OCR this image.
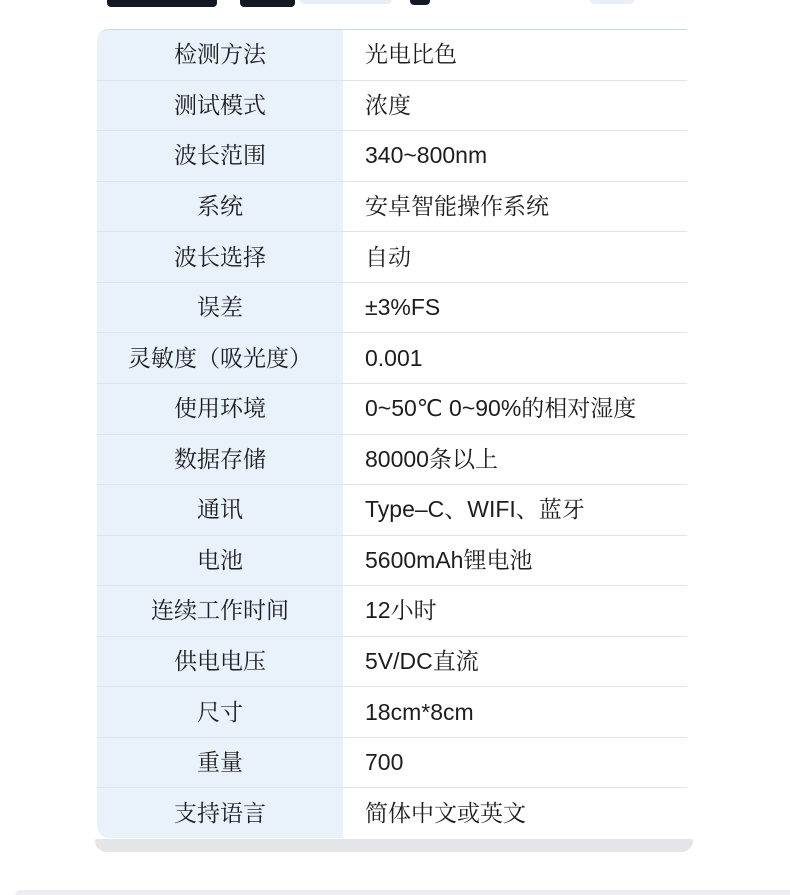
检测方法	光电比色
测试模式	浓度
波长范围	340~800nm
系统	安卓智能操作系统
波长选择	自动
误差	±3%FS
灵敏度（吸光度）	0.001
使用环境	0~50℃ 0~90%的相对湿度
数据存储	80000条以上
通讯	Type–C、WIFI、蓝牙
电池	5600mAh锂电池
连续工作时间	12小时
供电电压	5V/DC直流
尺寸	18cm*8cm
重量	700
支持语言	简体中文或英文
